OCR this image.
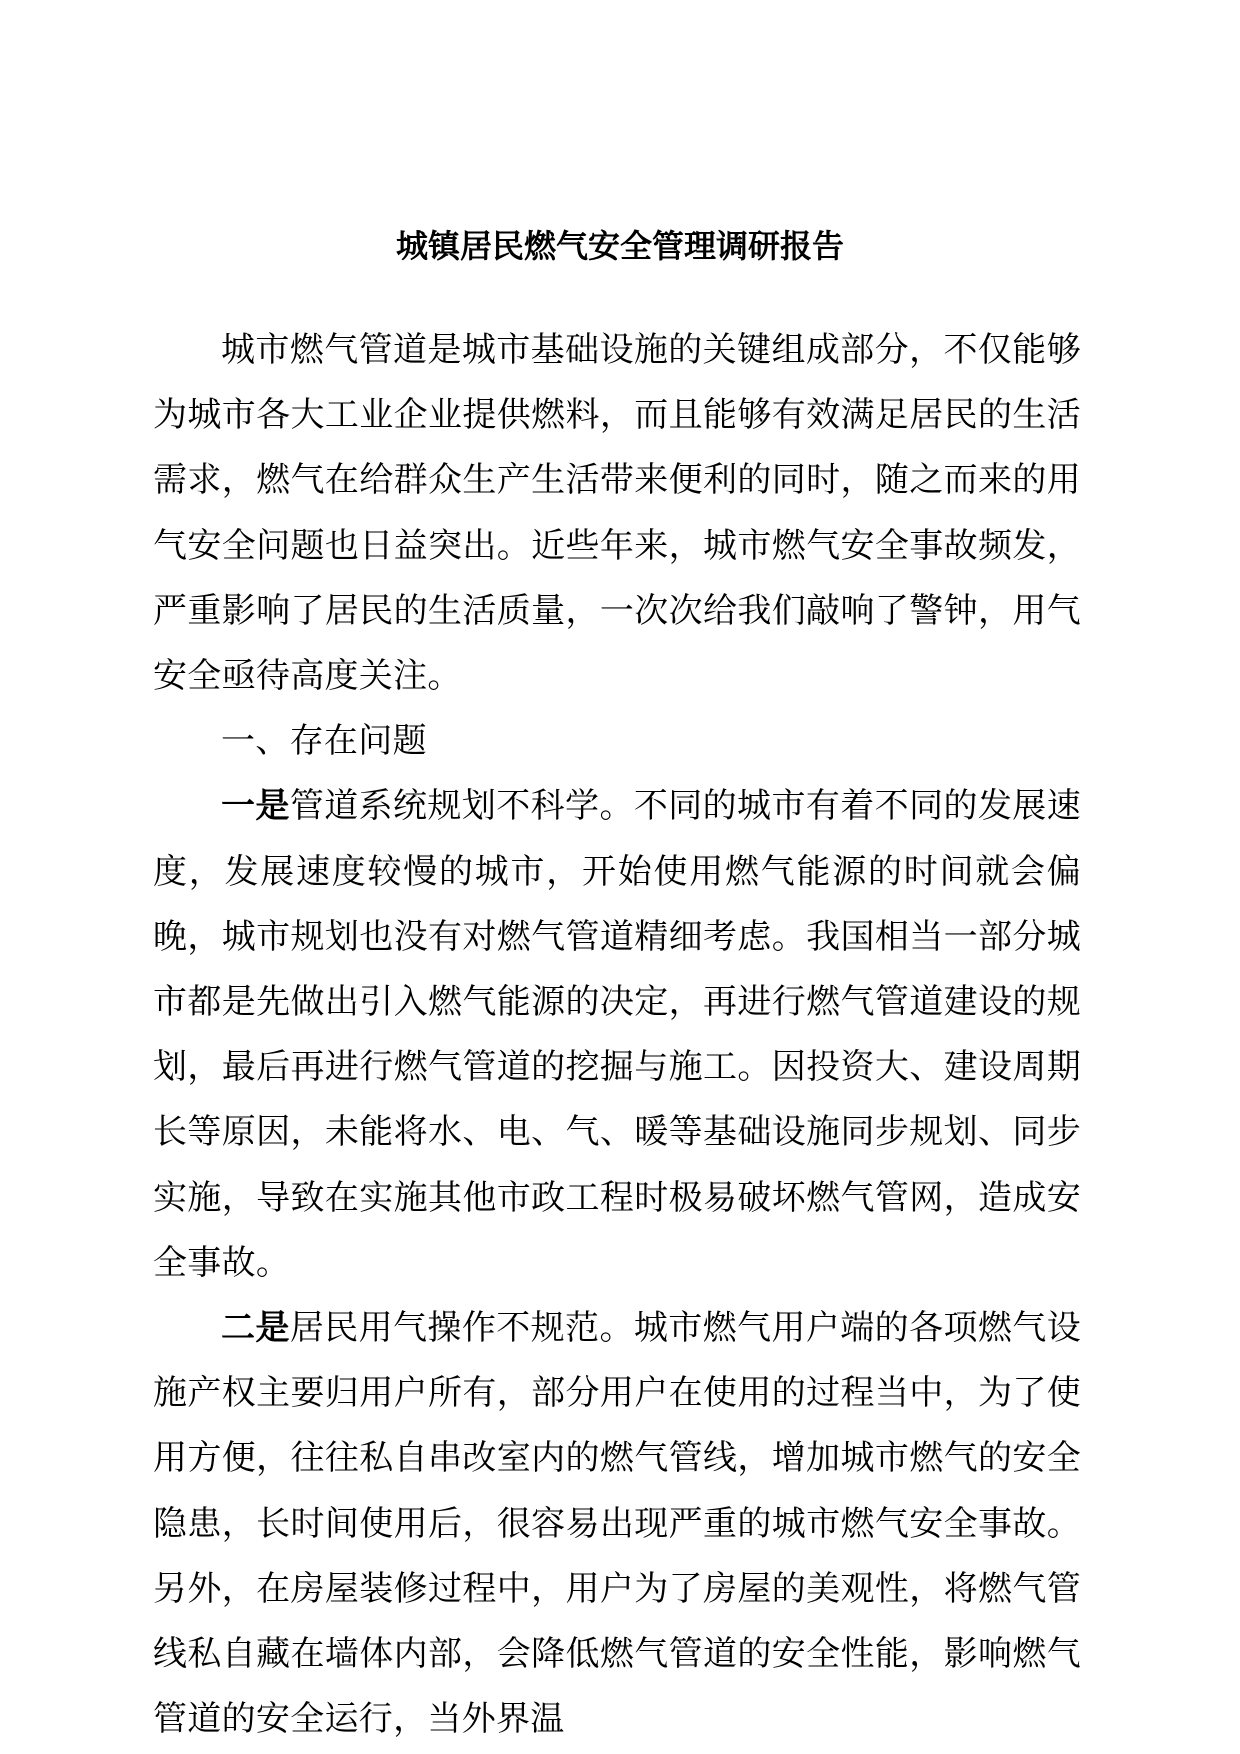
城镇居民燃气安全管理调研报告

城市燃气管道是城市基础设施的关键组成部分，不仅能够为城市各大工业企业提供燃料，而且能够有效满足居民的生活需求，燃气在给群众生产生活带来便利的同时，随之而来的用气安全问题也日益突出。近些年来，城市燃气安全事故频发，严重影响了居民的生活质量，一次次给我们敲响了警钟，用气安全亟待高度关注。

一、存在问题

一是管道系统规划不科学。不同的城市有着不同的发展速度，发展速度较慢的城市，开始使用燃气能源的时间就会偏晚，城市规划也没有对燃气管道精细考虑。我国相当一部分城市都是先做出引入燃气能源的决定，再进行燃气管道建设的规划，最后再进行燃气管道的挖掘与施工。因投资大、建设周期长等原因，未能将水、电、气、暖等基础设施同步规划、同步实施，导致在实施其他市政工程时极易破坏燃气管网，造成安全事故。

二是居民用气操作不规范。城市燃气用户端的各项燃气设施产权主要归用户所有，部分用户在使用的过程当中，为了使用方便，往往私自串改室内的燃气管线，增加城市燃气的安全隐患，长时间使用后，很容易出现严重的城市燃气安全事故。另外，在房屋装修过程中，用户为了房屋的美观性，将燃气管线私自藏在墙体内部，会降低燃气管道的安全性能，影响燃气管道的安全运行，当外界温
